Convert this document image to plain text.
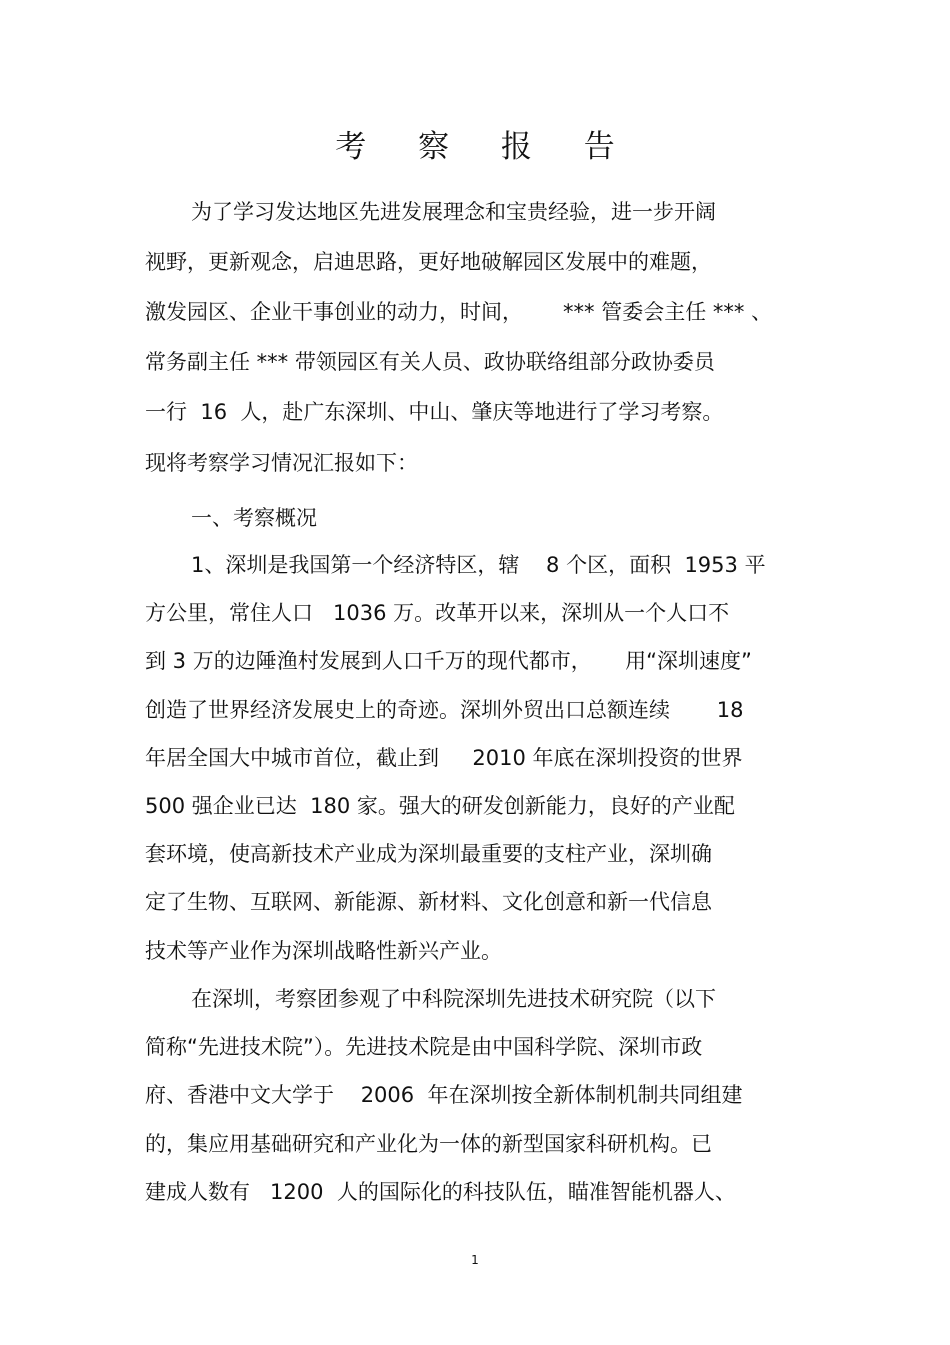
考 察 报 告

为了学习发达地区先进发展理念和宝贵经验，进一步开阔

视野，更新观念，启迪思路，更好地破解园区发展中的难题，

激发园区、企业干事创业的动力，时间，      *** 管委会主任 *** 、

常务副主任 *** 带领园区有关人员、政协联络组部分政协委员

一行  16  人，赴广东深圳、中山、肇庆等地进行了学习考察。

现将考察学习情况汇报如下：

一、考察概况

1、深圳是我国第一个经济特区，辖    8 个区，面积  1953 平

方公里，常住人口   1036 万。改革开以来，深圳从一个人口不

到 3 万的边陲渔村发展到人口千万的现代都市，     用“深圳速度”

创造了世界经济发展史上的奇迹。深圳外贸出口总额连续       18

年居全国大中城市首位，截止到     2010 年底在深圳投资的世界

500 强企业已达  180 家。强大的研发创新能力，良好的产业配

套环境，使高新技术产业成为深圳最重要的支柱产业，深圳确

定了生物、互联网、新能源、新材料、文化创意和新一代信息

技术等产业作为深圳战略性新兴产业。

在深圳，考察团参观了中科院深圳先进技术研究院（以下

简称“先进技术院”）。先进技术院是由中国科学院、深圳市政

府、香港中文大学于    2006  年在深圳按全新体制机制共同组建

的，集应用基础研究和产业化为一体的新型国家科研机构。已

建成人数有   1200  人的国际化的科技队伍，瞄准智能机器人、

1
